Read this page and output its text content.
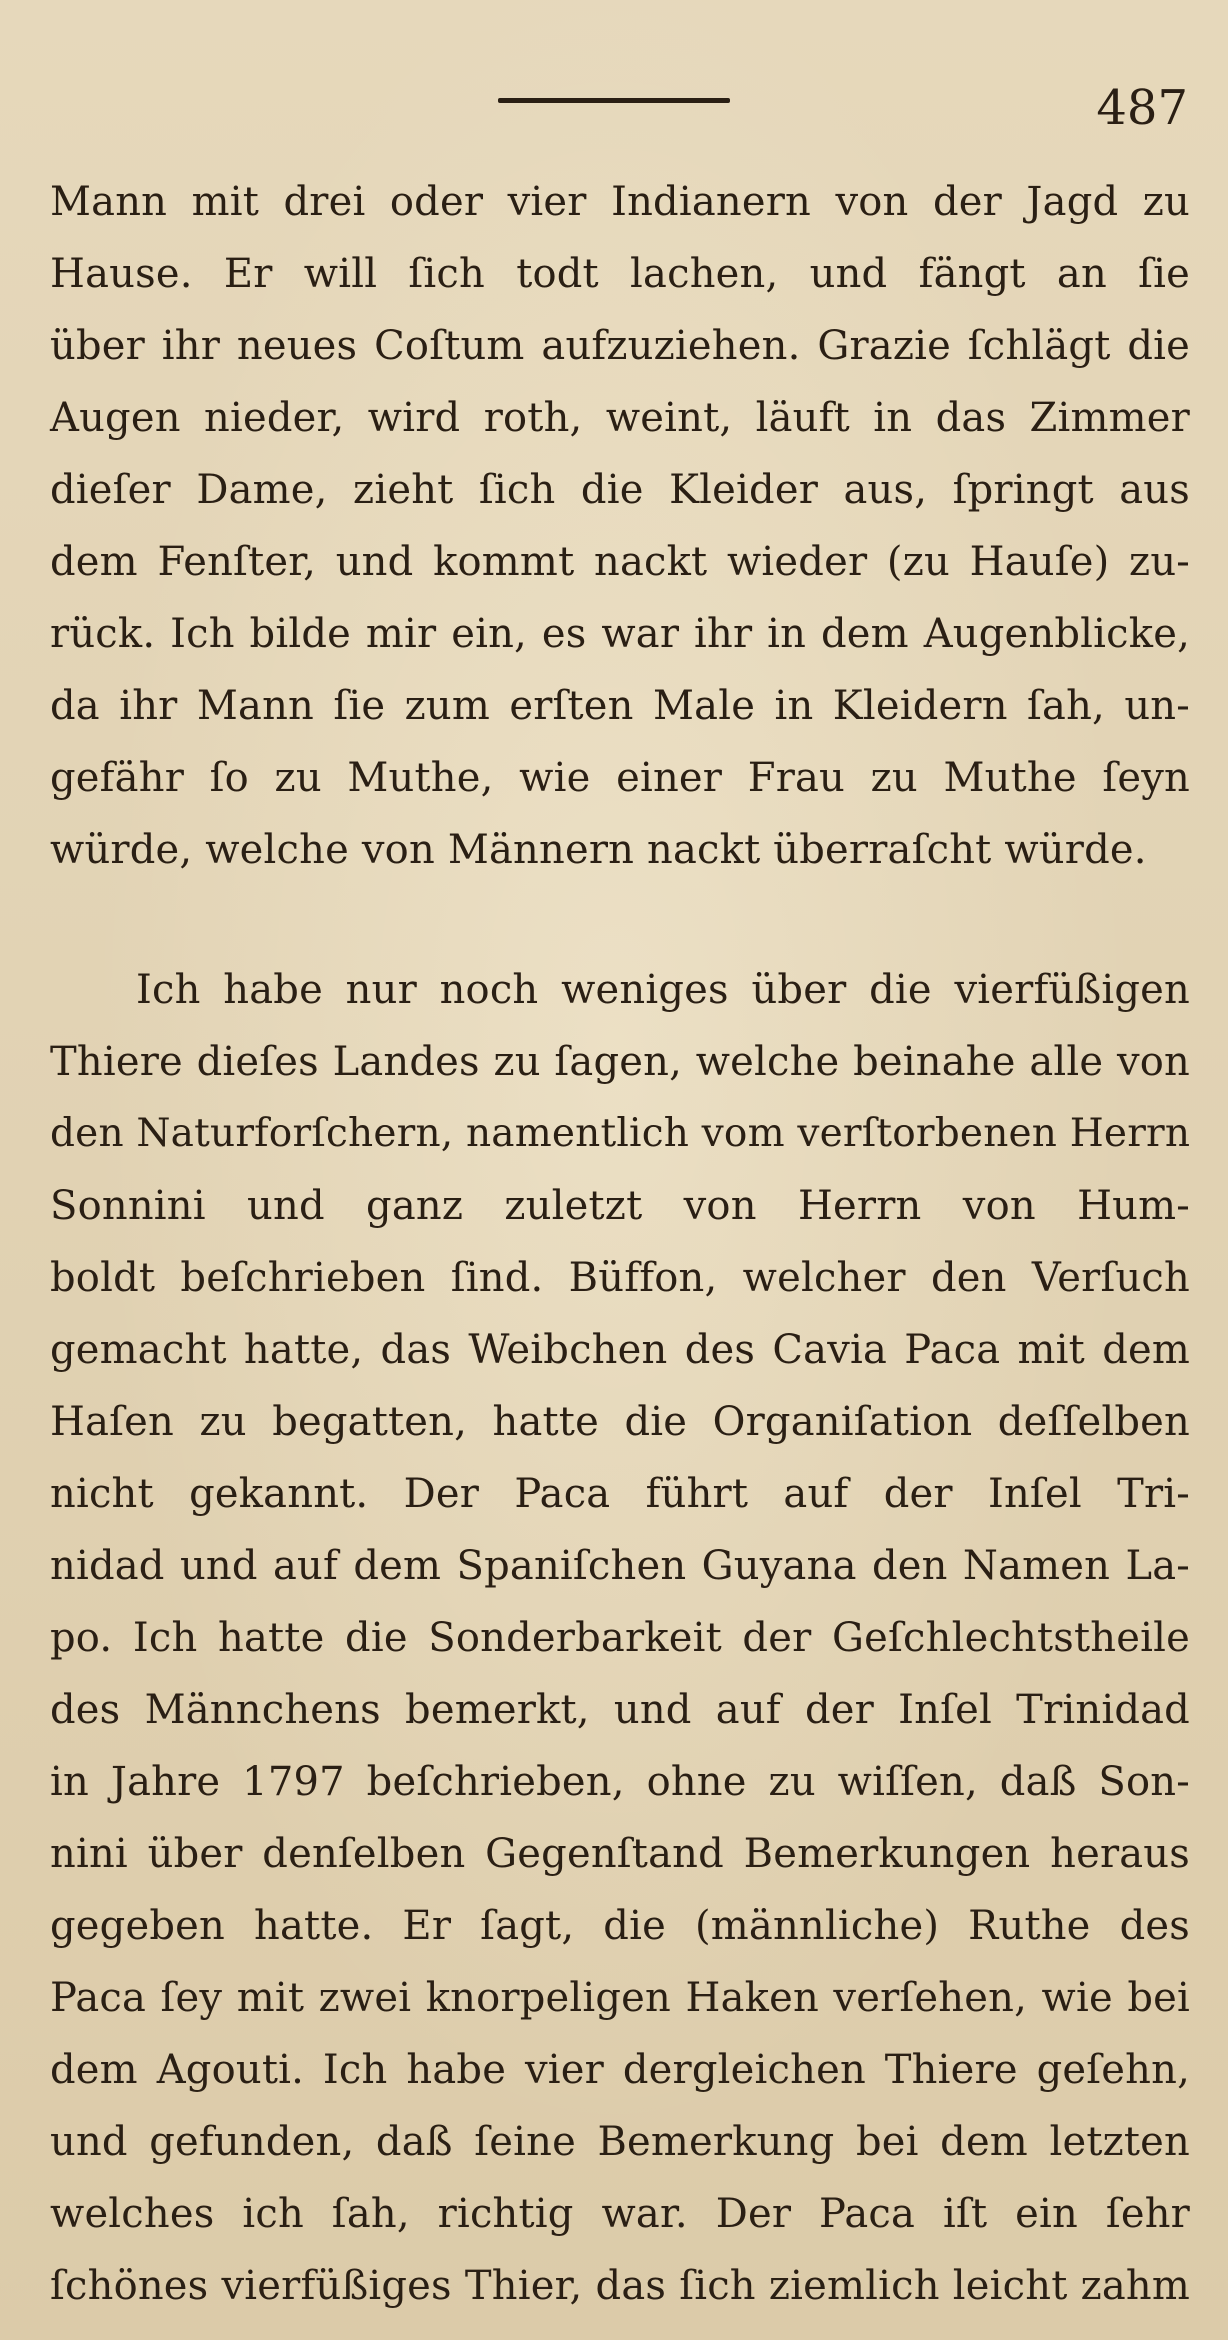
487
Mann mit drei oder vier Indianern von der Jagd zu
Hause. Er will ſich todt lachen, und fängt an ſie
über ihr neues Coſtum aufzuziehen. Grazie ſchlägt die
Augen nieder, wird roth, weint, läuft in das Zimmer
dieſer Dame, zieht ſich die Kleider aus, ſpringt aus
dem Fenſter, und kommt nackt wieder (zu Hauſe) zu-
rück. Ich bilde mir ein, es war ihr in dem Augenblicke,
da ihr Mann ſie zum erſten Male in Kleidern ſah, un-
gefähr ſo zu Muthe, wie einer Frau zu Muthe ſeyn
würde, welche von Männern nackt überraſcht würde.
Ich habe nur noch weniges über die vierfüßigen
Thiere dieſes Landes zu ſagen, welche beinahe alle von
den Naturforſchern, namentlich vom verſtorbenen Herrn
Sonnini und ganz zuletzt von Herrn von Hum-
boldt beſchrieben ſind. Büffon, welcher den Verſuch
gemacht hatte, das Weibchen des Cavia Paca mit dem
Haſen zu begatten, hatte die Organiſation deſſelben
nicht gekannt. Der Paca führt auf der Inſel Tri-
nidad und auf dem Spaniſchen Guyana den Namen La-
po. Ich hatte die Sonderbarkeit der Geſchlechtstheile
des Männchens bemerkt, und auf der Inſel Trinidad
in Jahre 1797 beſchrieben, ohne zu wiſſen, daß Son-
nini über denſelben Gegenſtand Bemerkungen heraus
gegeben hatte. Er ſagt, die (männliche) Ruthe des
Paca ſey mit zwei knorpeligen Haken verſehen, wie bei
dem Agouti. Ich habe vier dergleichen Thiere geſehn,
und gefunden, daß ſeine Bemerkung bei dem letzten
welches ich ſah, richtig war. Der Paca iſt ein ſehr
ſchönes vierfüßiges Thier, das ſich ziemlich leicht zahm
